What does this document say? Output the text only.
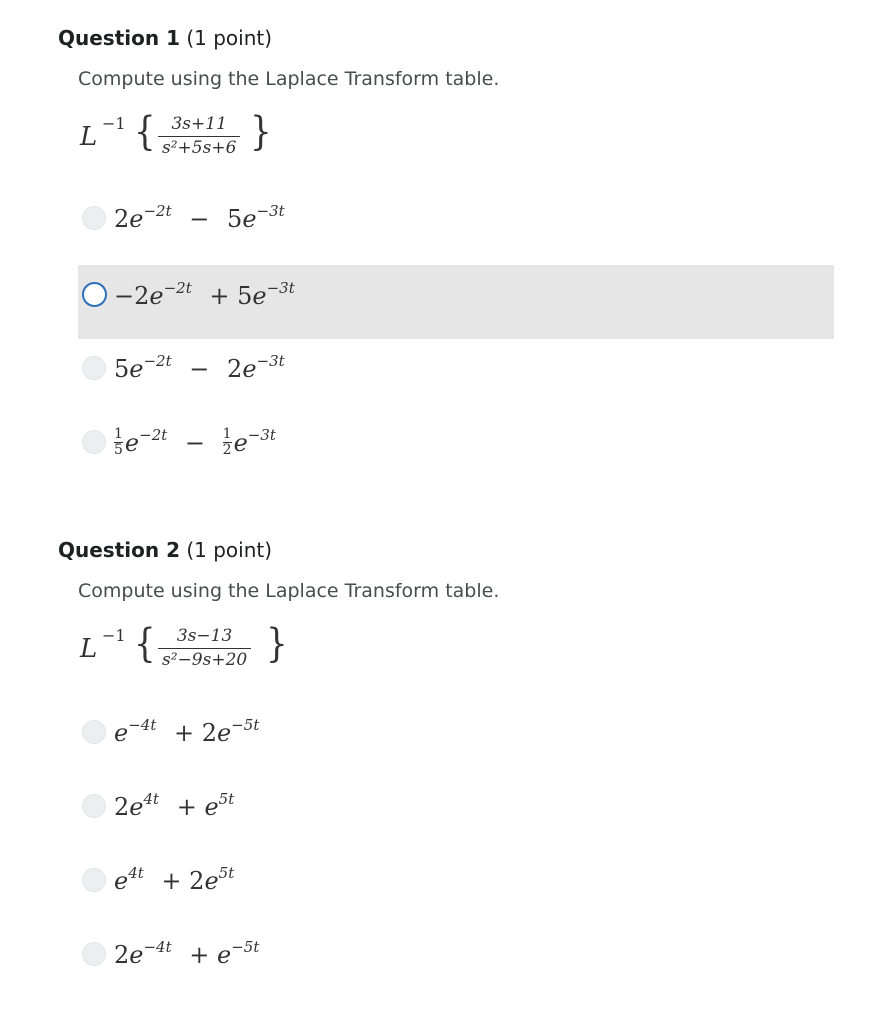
Question 1 (1 point)
Compute using the Laplace Transform table.
L −1 { 3s+11
s²+5s+6 }
$2e^{-2t} - 5e^{-3t}$
$-2e^{-2t} + 5e^{-3t}$
$5e^{-2t} - 2e^{-3t}$
$\frac{1}{5} e^{-2t} - \frac{1}{2} e^{-3t}$
Question 2 (1 point)
Compute using the Laplace Transform table.
L −1 {	3s−13
s²−9s+20 }
$e^{-4t} + 2e^{-5t}$
$2e^{4t} + e^{5t}$
$e^{4t} + 2e^{5t}$
$2e^{-4t} + e^{-5t}$
